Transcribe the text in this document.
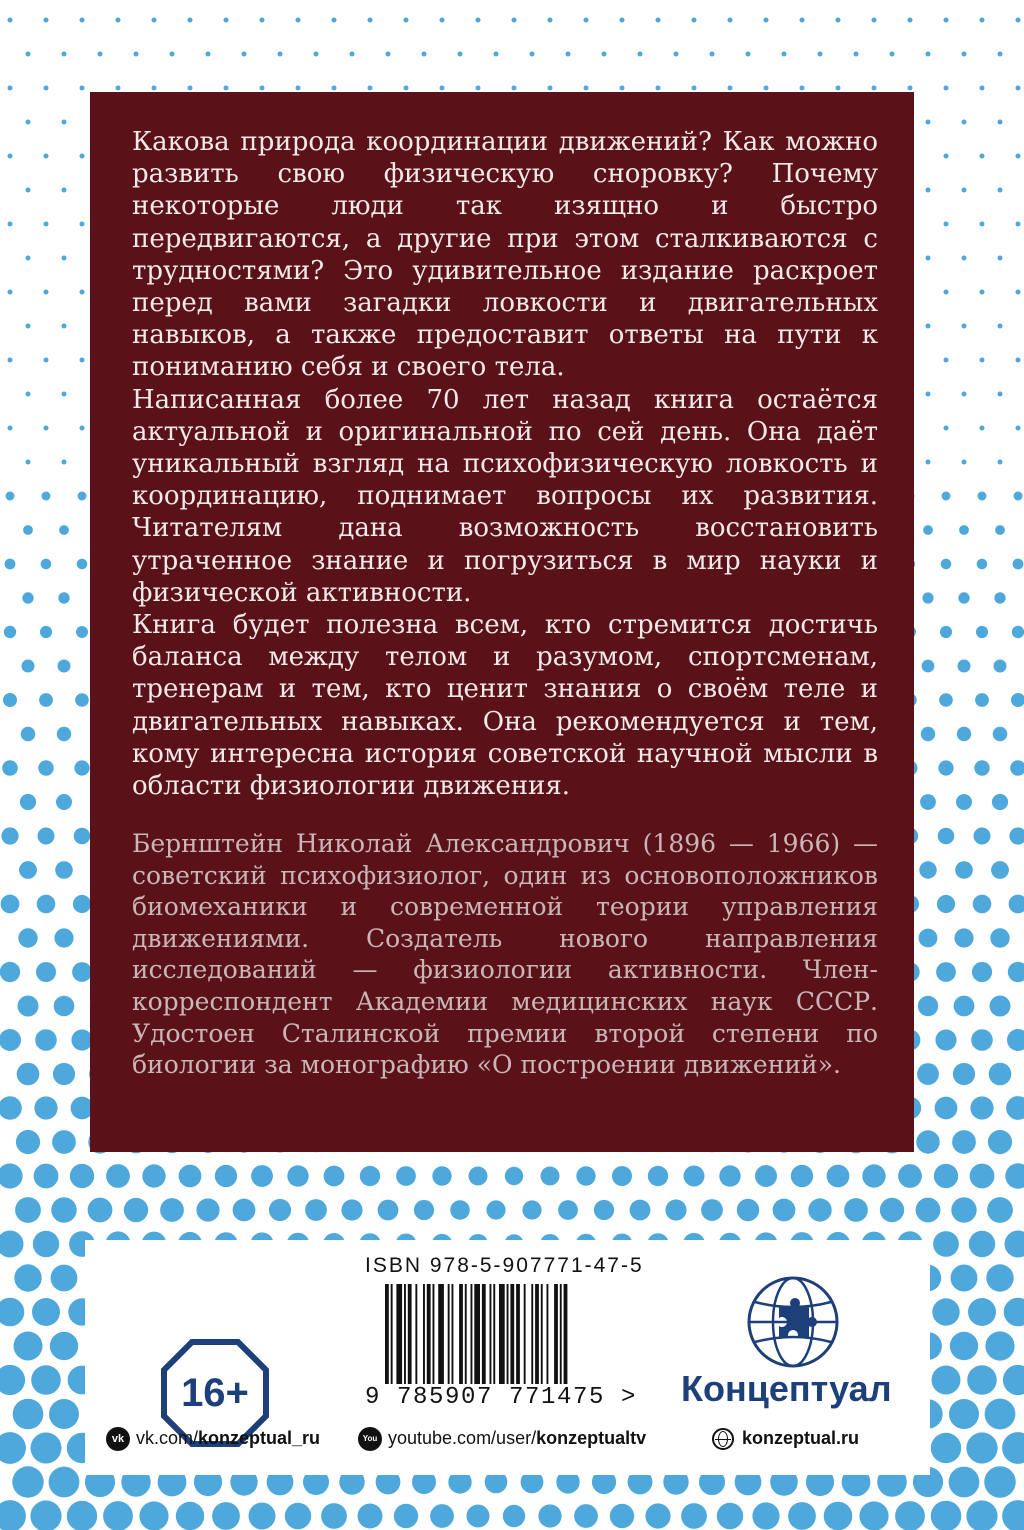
Какова природа координации движений? Как можно развить свою физическую сноровку? Почему некоторые люди так изящно и быстро передвигаются, а другие при этом сталкиваются с трудностями? Это удивительное издание раскроет перед вами загадки ловкости и двигательных навыков, а также предоставит ответы на пути к пониманию себя и своего тела.

Написанная более 70 лет назад книга остаётся актуальной и оригинальной по сей день. Она даёт уникальный взгляд на психофизическую ловкость и координацию, поднимает вопросы их развития. Читателям дана возможность восстановить утраченное знание и погрузиться в мир науки и физической активности.

Книга будет полезна всем, кто стремится достичь баланса между телом и разумом, спортсменам, тренерам и тем, кто ценит знания о своём теле и двигательных навыках. Она рекомендуется и тем, кому интересна история советской научной мысли в области физиологии движения.

Бернштейн Николай Александрович (1896 — 1966) — советский психофизиолог, один из основоположников биомеханики и современной теории управления движениями. Создатель нового направления исследований — физиологии активности. Член-корреспондент Академии медицинских наук СССР. Удостоен Сталинской премии второй степени по биологии за монографию «О построении движений».

16+
ISBN 978-5-907771-47-5
9 785907 771475 >	Концептуал
vk vk.com/konzeptual_ru	You youtube.com/user/konzeptualtv	konzeptual.ru
